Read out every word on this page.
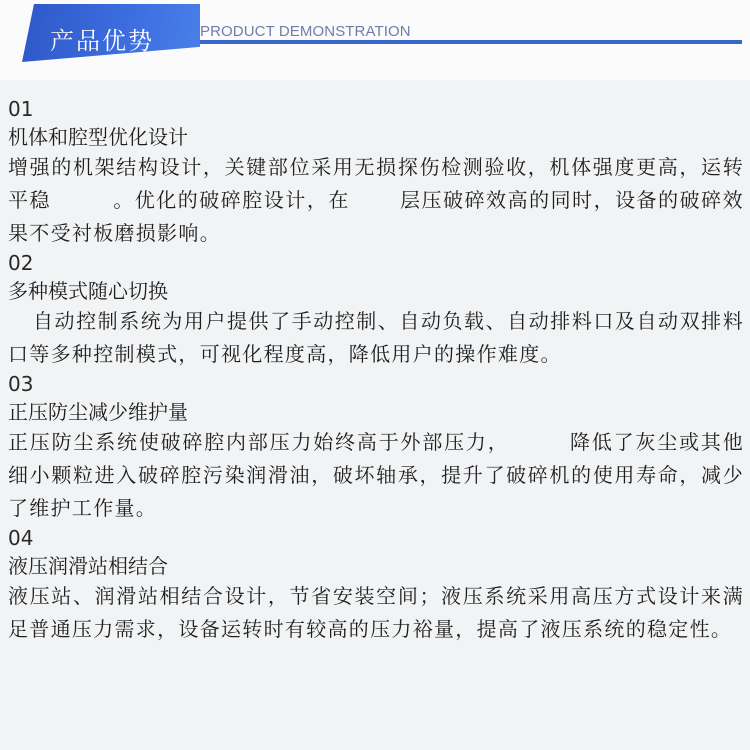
产品优势	PRODUCT DEMONSTRATION
01
机体和腔型优化设计
增强的机架结构设计，关键部位采用无损探伤检测验收，机体强度更高，运转平稳	。优化的破碎腔设计，在	层压破碎效高的同时，设备的破碎效果不受衬板磨损影响。
02
多种模式随心切换
自动控制系统为用户提供了手动控制、自动负载、自动排料口及自动双排料口等多种控制模式，可视化程度高，降低用户的操作难度。
03
正压防尘减少维护量
正压防尘系统使破碎腔内部压力始终高于外部压力，	降低了灰尘或其他细小颗粒进入破碎腔污染润滑油，破坏轴承，提升了破碎机的使用寿命，减少了维护工作量。
04
液压润滑站相结合
液压站、润滑站相结合设计，节省安装空间；液压系统采用高压方式设计来满足普通压力需求，设备运转时有较高的压力裕量，提高了液压系统的稳定性。
